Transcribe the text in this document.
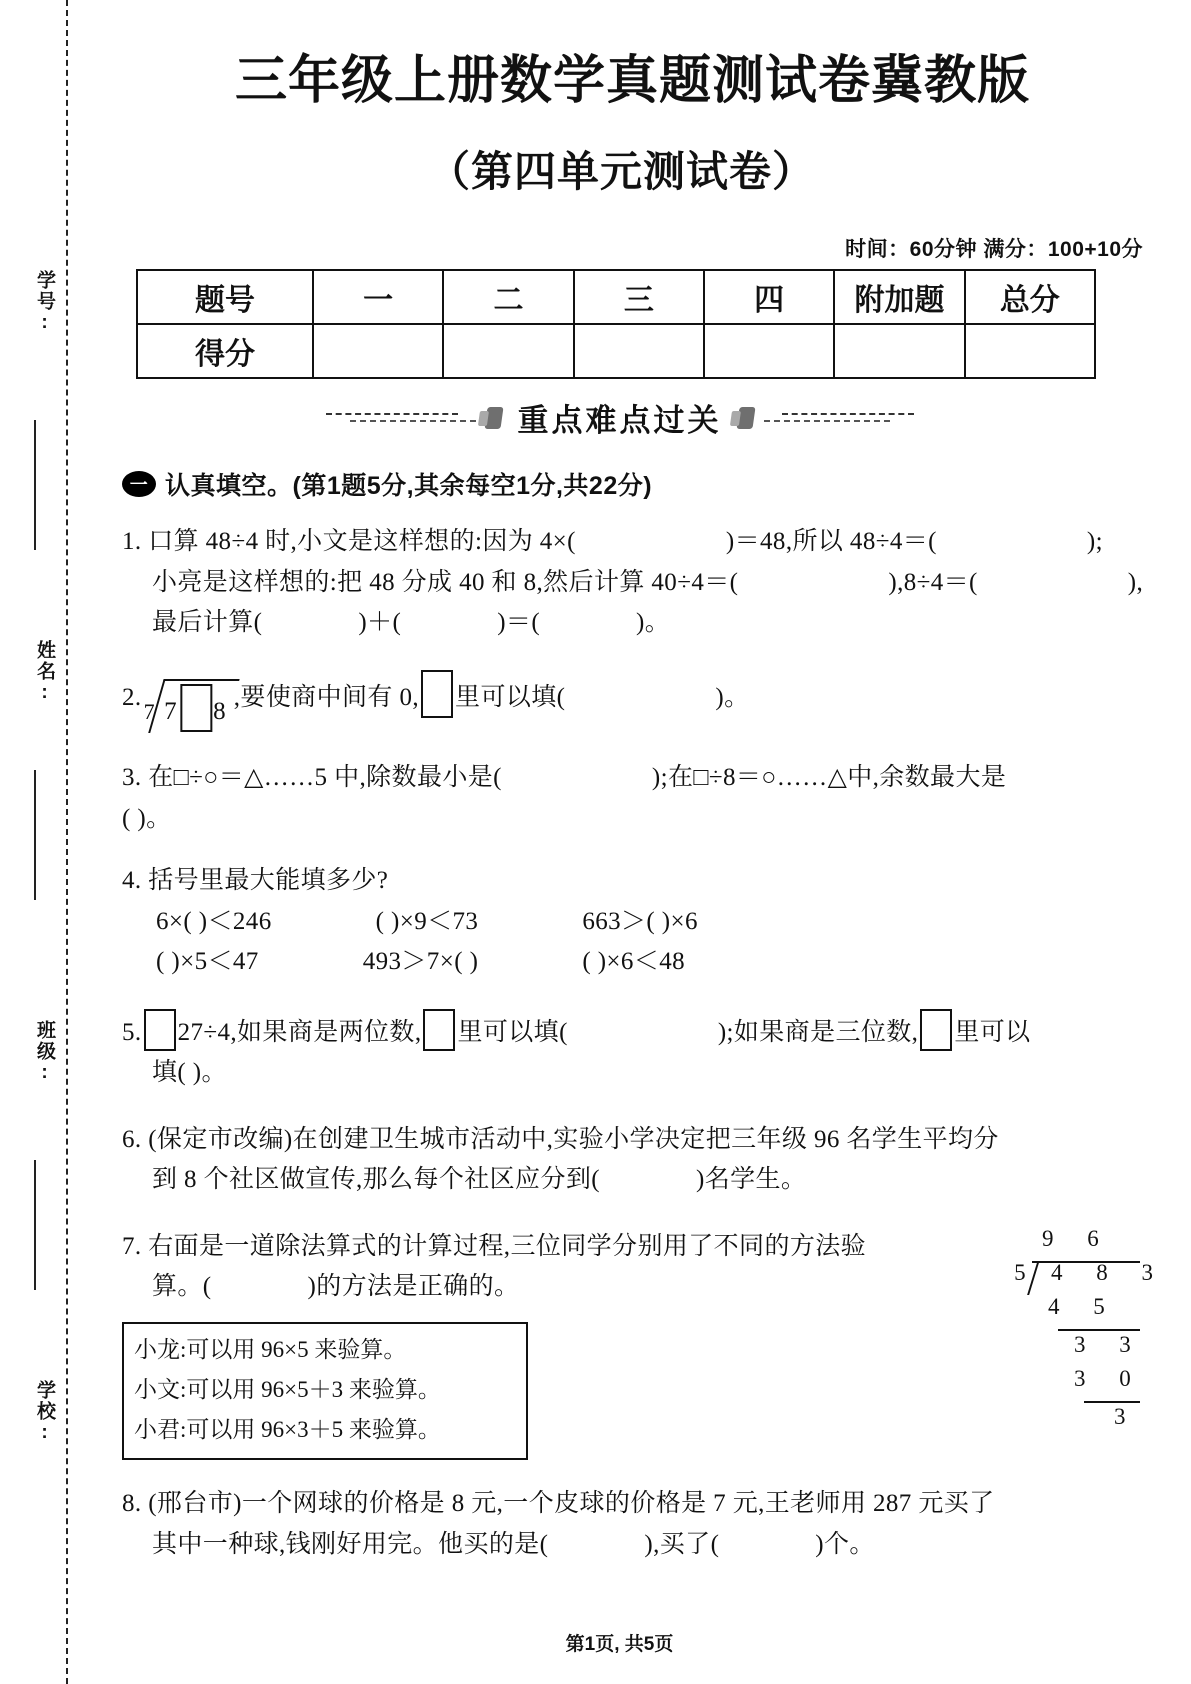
学号:
姓名:
班级:
学校:
三年级上册数学真题测试卷冀教版
（第四单元测试卷）
时间：60分钟 满分：100+10分
题号	一	二	三	四	附加题	总分
得分						
重点难点过关
一 认真填空。(第1题5分,其余每空1分,共22分)
1. 口算 48÷4 时,小文是这样想的:因为 4×(	)＝48,所以 48÷4＝(	);
小亮是这样想的:把 48 分成 40 和 8,然后计算 40÷4＝(	),8÷4＝(	),
最后计算(	)＋(	)＝(	)。
2.7 7 8,要使商中间有 0, 里可以填(	)。
3. 在□÷○＝△……5 中,除数最小是(	);在□÷8＝○……△中,余数最大是
( )。
4. 括号里最大能填多少?
6×( )＜246	( )×9＜73	663＞( )×6
( )×5＜47	493＞7×( )	( )×6＜48
5. 27÷4,如果商是两位数, 里可以填(	);如果商是三位数, 里可以
填( )。
6. (保定市改编)在创建卫生城市活动中,实验小学决定把三年级 96 名学生平均分
到 8 个社区做宣传,那么每个社区应分到(	)名学生。
7. 右面是一道除法算式的计算过程,三位同学分别用了不同的方法验
算。(	)的方法是正确的。
9 6
5 4 8 3
4 5
3 3
3 0
3
小龙:可以用 96×5 来验算。
小文:可以用 96×5＋3 来验算。
小君:可以用 96×3＋5 来验算。
8. (邢台市)一个网球的价格是 8 元,一个皮球的价格是 7 元,王老师用 287 元买了
其中一种球,钱刚好用完。他买的是(	),买了(	)个。
第1页, 共5页
